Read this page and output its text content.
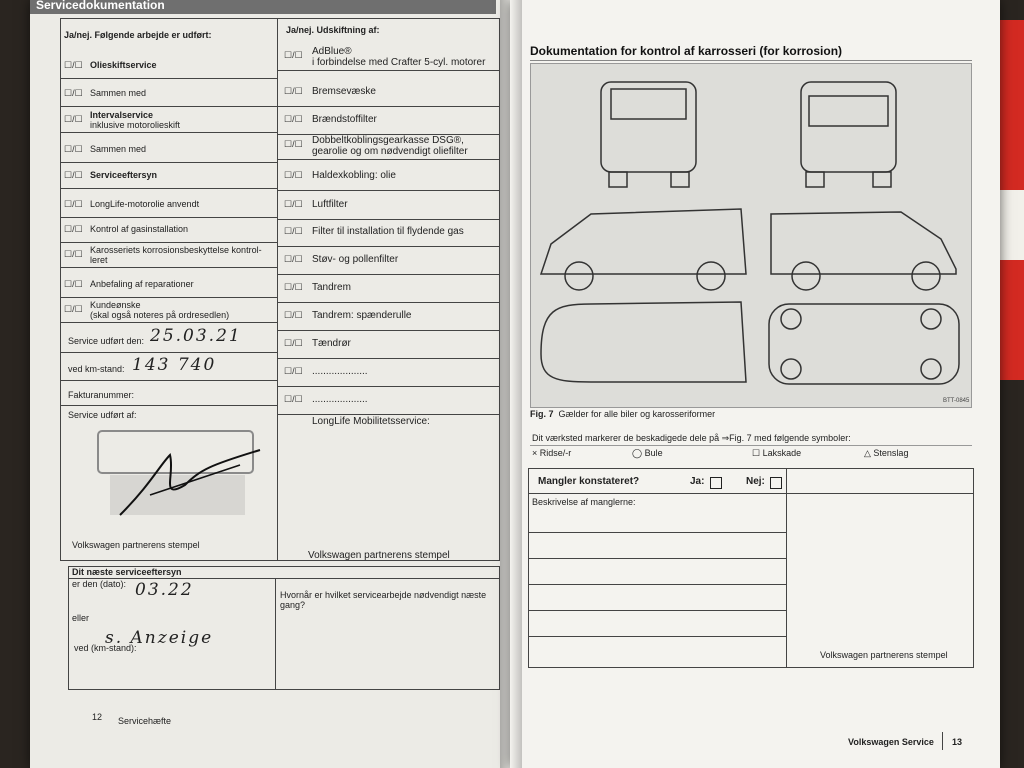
Servicedokumentation
Ja/nej. Følgende arbejde er udført:	Ja/nej. Udskiftning af:
☐/☐ Olieskiftservice
☐/☐ Sammen med
☐/☐ Intervalservice
inklusive motorolieskift
☐/☐ Sammen med
☐/☐ Serviceeftersyn
☐/☐ LongLife-motorolie anvendt
☐/☐ Kontrol af gasinstallation
☐/☐ Karosseriets korrosionsbeskyttelse kontrol-
leret
☐/☐ Anbefaling af reparationer
☐/☐ Kundeønske
(skal også noteres på ordresedlen)
☐/☐ AdBlue®
i forbindelse med Crafter 5-cyl. motorer
☐/☐ Bremsevæske
☐/☐ Brændstoffilter
☐/☐ Dobbeltkoblingsgearkasse DSG®,
gearolie og om nødvendigt oliefilter
☐/☐ Haldexkobling: olie
☐/☐ Luftfilter
☐/☐ Filter til installation til flydende gas
☐/☐ Støv- og pollenfilter
☐/☐ Tandrem
☐/☐ Tandrem: spænderulle
☐/☐ Tændrør
☐/☐ ....................
☐/☐ ....................
Service udført den: 25.03.21
ved km-stand: 143 740
Fakturanummer:
Service udført af:
LongLife Mobilitetsservice:
Volkswagen partnerens stempel
Volkswagen partnerens stempel
Dit næste serviceeftersyn
er den (dato): 03.22
eller
ved (km-stand):
s. Anzeige
Hvornår er hvilket servicearbejde nødvendigt næste gang?
12 Servicehæfte
Dokumentation for kontrol af karrosseri (for korrosion)
BTT-0845
Fig. 7 Gælder for alle biler og karosseriformer
Dit værksted markerer de beskadigede dele på ⇒Fig. 7 med følgende symboler:
× Ridse/-r	◯ Bule	☐ Lakskade	△ Stenslag
Mangler konstateret?	Ja:	Nej:
Beskrivelse af manglerne:
Volkswagen partnerens stempel
Volkswagen Service 13
